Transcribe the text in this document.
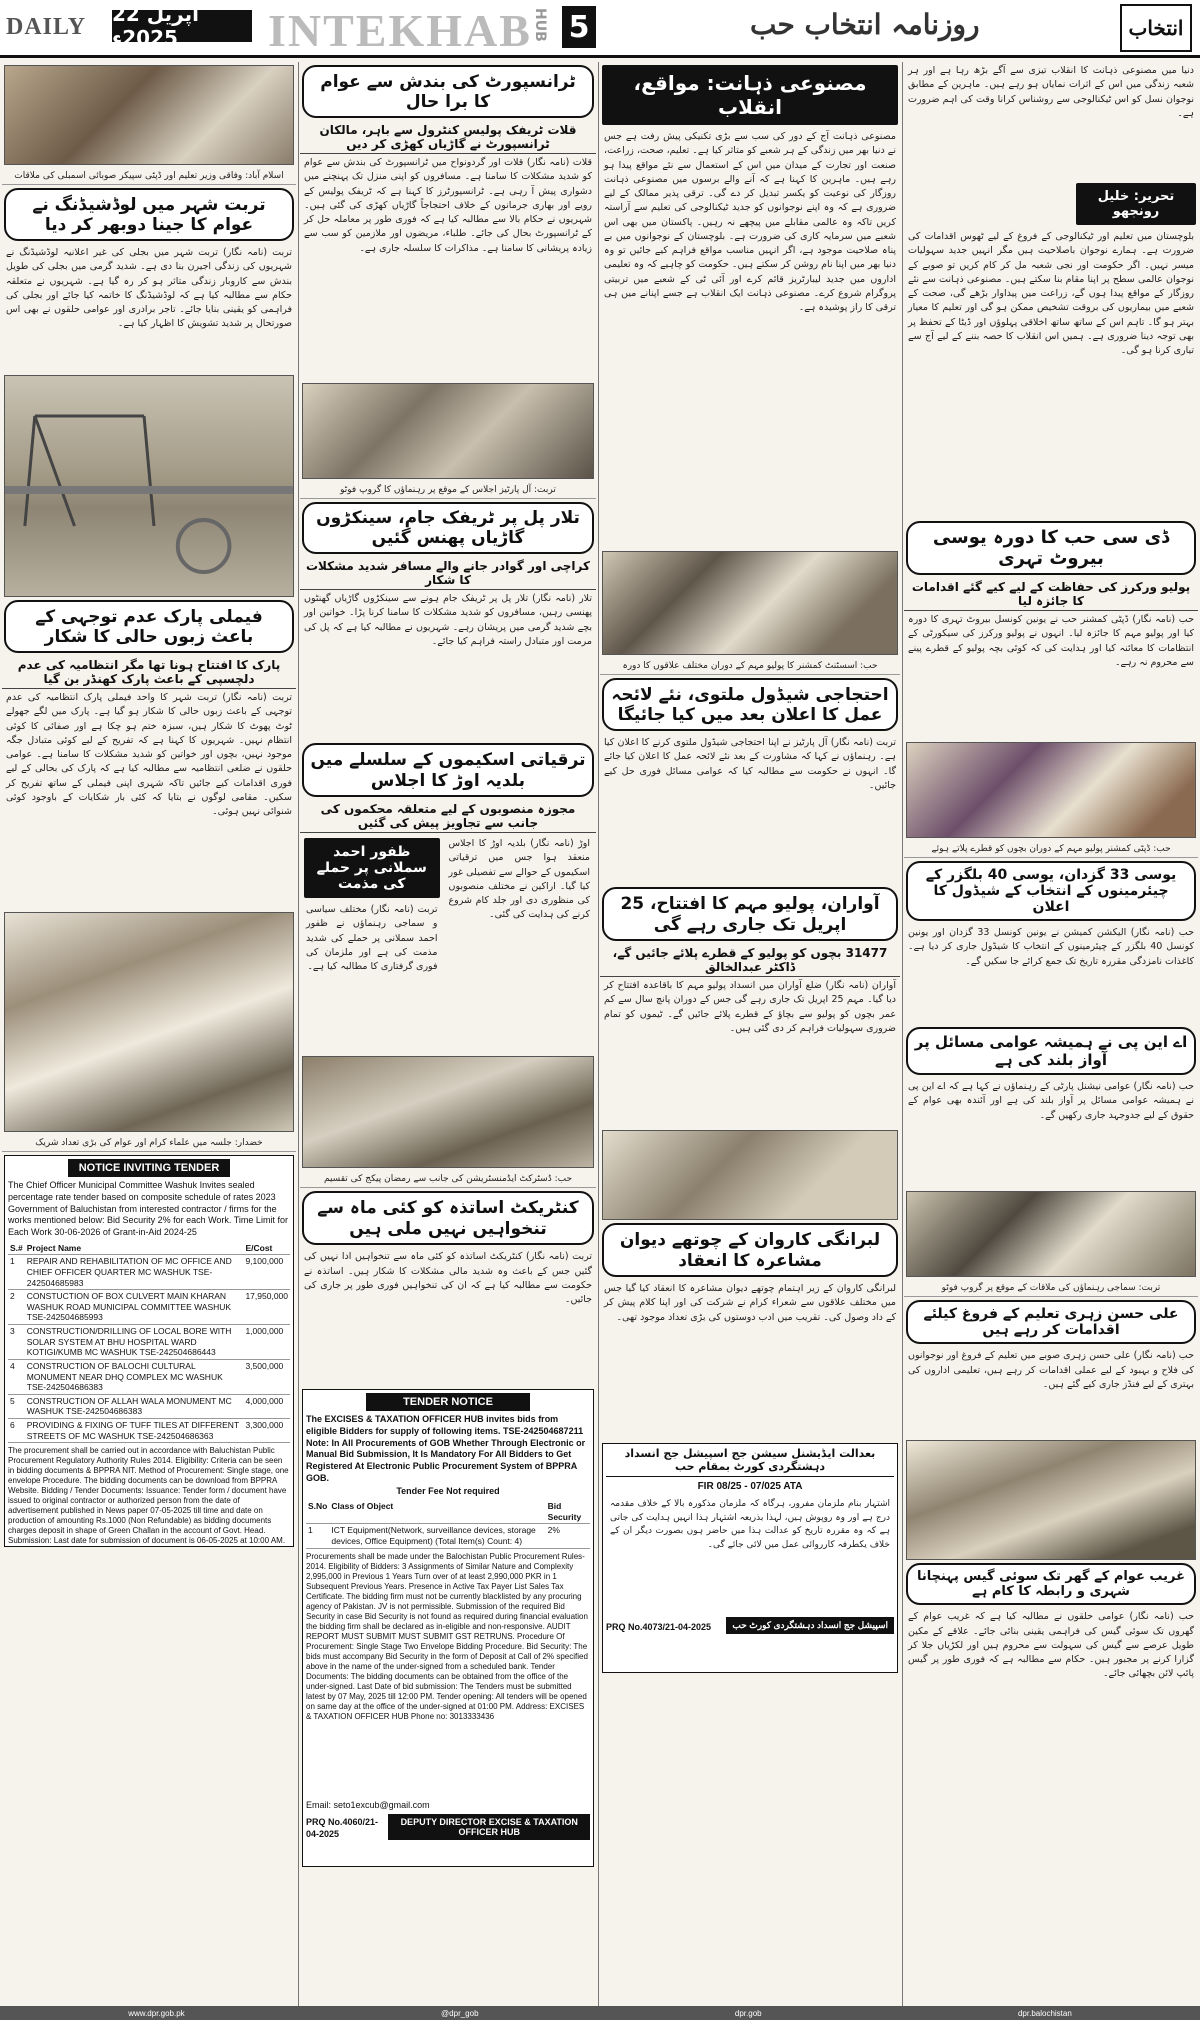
DAILY 22 اپریل 2025ء	INTEKHAB HUB 5	روزنامہ انتخاب حب	انتخاب
اسلام آباد: وفاقی وزیر تعلیم اور ڈپٹی سپیکر صوبائی اسمبلی کی ملاقات
تربت شہر میں لوڈشیڈنگ نے عوام کا جینا دوبھر کر دیا
تربت (نامہ نگار) تربت شہر میں بجلی کی غیر اعلانیہ لوڈشیڈنگ نے شہریوں کی زندگی اجیرن بنا دی ہے۔ شدید گرمی میں بجلی کی طویل بندش سے کاروبار زندگی متاثر ہو کر رہ گیا ہے۔ شہریوں نے متعلقہ حکام سے مطالبہ کیا ہے کہ لوڈشیڈنگ کا خاتمہ کیا جائے اور بجلی کی فراہمی کو یقینی بنایا جائے۔ تاجر برادری اور عوامی حلقوں نے بھی اس صورتحال پر شدید تشویش کا اظہار کیا ہے۔
فیملی پارک عدم توجہی کے باعث زبوں حالی کا شکار
پارک کا افتتاح ہونا تھا مگر انتظامیہ کی عدم دلچسپی کے باعث پارک کھنڈر بن گیا
تربت (نامہ نگار) تربت شہر کا واحد فیملی پارک انتظامیہ کی عدم توجہی کے باعث زبوں حالی کا شکار ہو گیا ہے۔ پارک میں لگے جھولے ٹوٹ پھوٹ کا شکار ہیں، سبزہ ختم ہو چکا ہے اور صفائی کا کوئی انتظام نہیں۔ شہریوں کا کہنا ہے کہ تفریح کے لیے کوئی متبادل جگہ موجود نہیں، بچوں اور خواتین کو شدید مشکلات کا سامنا ہے۔ عوامی حلقوں نے ضلعی انتظامیہ سے مطالبہ کیا ہے کہ پارک کی بحالی کے لیے فوری اقدامات کیے جائیں تاکہ شہری اپنی فیملی کے ساتھ تفریح کر سکیں۔ مقامی لوگوں نے بتایا کہ کئی بار شکایات کے باوجود کوئی شنوائی نہیں ہوئی۔
خضدار: جلسہ میں علماء کرام اور عوام کی بڑی تعداد شریک
NOTICE INVITING TENDER
The Chief Officer Municipal Committee Washuk Invites sealed percentage rate tender based on composite schedule of rates 2023 Government of Baluchistan from interested contractor / firms for the works mentioned below: Bid Security 2% for each Work. Time Limit for Each Work 30-06-2026 of Grant-in-Aid 2024-25
S.#	Project Name	E/Cost
1	REPAIR AND REHABILITATION OF MC OFFICE AND CHIEF OFFICER QUARTER MC WASHUK TSE-242504685983	9,100,000
2	CONSTUCTION OF BOX CULVERT MAIN KHARAN WASHUK ROAD MUNICIPAL COMMITTEE WASHUK TSE-242504685993	17,950,000
3	CONSTRUCTION/DRILLING OF LOCAL BORE WITH SOLAR SYSTEM AT BHU HOSPITAL WARD KOTIGI/KUMB MC WASHUK TSE-242504686443	1,000,000
4	CONSTRUCTION OF BALOCHI CULTURAL MONUMENT NEAR DHQ COMPLEX MC WASHUK TSE-242504686383	3,500,000
5	CONSTRUCTION OF ALLAH WALA MONUMENT MC WASHUK TSE-242504686383	4,000,000
6	PROVIDING & FIXING OF TUFF TILES AT DIFFERENT STREETS OF MC WASHUK TSE-242504686363	3,300,000
The procurement shall be carried out in accordance with Baluchistan Public Procurement Regulatory Authority Rules 2014. Eligibility: Criteria can be seen in bidding documents & BPPRA NIT. Method of Procurement: Single stage, one envelope Procedure. The bidding documents can be download from BPPRA Website. Bidding / Tender Documents: Issuance: Tender form / document have issued to original contractor or authorized person from the date of advertisement published in News paper 07-05-2025 till time and date on production of amounting Rs.1000 (Non Refundable) as bidding documents charges deposit in shape of Green Challan in the account of Govt. Head. Submission: Last date for submission of document is 06-05-2025 at 10:00 AM.
ٹرانسپورٹ کی بندش سے عوام کا برا حال
قلات ٹریفک پولیس کنٹرول سے باہر، مالکان ٹرانسپورٹ نے گاڑیاں کھڑی کر دیں
قلات (نامہ نگار) قلات اور گردونواح میں ٹرانسپورٹ کی بندش سے عوام کو شدید مشکلات کا سامنا ہے۔ مسافروں کو اپنی منزل تک پہنچنے میں دشواری پیش آ رہی ہے۔ ٹرانسپورٹرز کا کہنا ہے کہ ٹریفک پولیس کے رویے اور بھاری جرمانوں کے خلاف احتجاجاً گاڑیاں کھڑی کی گئی ہیں۔ شہریوں نے حکام بالا سے مطالبہ کیا ہے کہ فوری طور پر معاملہ حل کر کے ٹرانسپورٹ بحال کی جائے۔ طلباء، مریضوں اور ملازمین کو سب سے زیادہ پریشانی کا سامنا ہے۔ مذاکرات کا سلسلہ جاری ہے۔
تربت: آل پارٹیز اجلاس کے موقع پر رہنماؤں کا گروپ فوٹو
تلار پل پر ٹریفک جام، سینکڑوں گاڑیاں پھنس گئیں
کراچی اور گوادر جانے والے مسافر شدید مشکلات کا شکار
تلار (نامہ نگار) تلار پل پر ٹریفک جام ہونے سے سینکڑوں گاڑیاں گھنٹوں پھنسی رہیں، مسافروں کو شدید مشکلات کا سامنا کرنا پڑا۔ خواتین اور بچے شدید گرمی میں پریشان رہے۔ شہریوں نے مطالبہ کیا ہے کہ پل کی مرمت اور متبادل راستہ فراہم کیا جائے۔
ترقیاتی اسکیموں کے سلسلے میں بلدیہ اوڑ کا اجلاس
مجوزہ منصوبوں کے لیے متعلقہ محکموں کی جانب سے تجاویز پیش کی گئیں
ظفور احمد سملانی پر حملے کی مذمت
تربت (نامہ نگار) مختلف سیاسی و سماجی رہنماؤں نے ظفور احمد سملانی پر حملے کی شدید مذمت کی ہے اور ملزمان کی فوری گرفتاری کا مطالبہ کیا ہے۔
اوڑ (نامہ نگار) بلدیہ اوڑ کا اجلاس منعقد ہوا جس میں ترقیاتی اسکیموں کے حوالے سے تفصیلی غور کیا گیا۔ اراکین نے مختلف منصوبوں کی منظوری دی اور جلد کام شروع کرنے کی ہدایت کی گئی۔
حب: ڈسٹرکٹ ایڈمنسٹریشن کی جانب سے رمضان پیکج کی تقسیم
کنٹریکٹ اساتذہ کو کئی ماہ سے تنخواہیں نہیں ملی ہیں
تربت (نامہ نگار) کنٹریکٹ اساتذہ کو کئی ماہ سے تنخواہیں ادا نہیں کی گئیں جس کے باعث وہ شدید مالی مشکلات کا شکار ہیں۔ اساتذہ نے حکومت سے مطالبہ کیا ہے کہ ان کی تنخواہیں فوری طور پر جاری کی جائیں۔
TENDER NOTICE
The EXCISES & TAXATION OFFICER HUB invites bids from eligible Bidders for supply of following items. TSE-242504687211 Note: In All Procurements of GOB Whether Through Electronic or Manual Bid Submission, It Is Mandatory For All Bidders to Get Registered At Electronic Public Procurement System of BPPRA GOB.
Tender Fee Not required
S.No	Class of Object	Bid Security
1	ICT Equipment(Network, surveillance devices, storage devices, Office Equipment) (Total Item(s) Count: 4)	2%
Procurements shall be made under the Balochistan Public Procurement Rules-2014. Eligibility of Bidders: 3 Assignments of Similar Nature and Complexity 2,995,000 in Previous 1 Years Turn over of at least 2,990,000 PKR in 1 Subsequent Previous Years. Presence in Active Tax Payer List Sales Tax Certificate. The bidding firm must not be currently blacklisted by any procuring agency of Pakistan. JV is not permissible. Submission of the required Bid Security in case Bid Security is not found as required during financial evaluation the bidding firm shall be declared as in-eligible and non-responsive. AUDIT REPORT MUST SUBMIT MUST SUBMIT GST RETRUNS. Procedure Of Procurement: Single Stage Two Envelope Bidding Procedure. Bid Security: The bids must accompany Bid Security in the form of Deposit at Call of 2% specified above in the name of the under-signed from a scheduled bank. Tender Documents: The bidding documents can be obtained from the office of the under-signed. Last Date of bid submission: The Tenders must be submitted latest by 07 May, 2025 till 12:00 PM. Tender opening: All tenders will be opened on same day at the office of the under-signed at 01:00 PM. Address: EXCISES & TAXATION OFFICER HUB Phone no: 3013333436
Email: seto1excub@gmail.com
PRQ No.4060/21-04-2025
DEPUTY DIRECTOR EXCISE & TAXATION OFFICER HUB
مصنوعی ذہانت: مواقع، انقلاب
مصنوعی ذہانت آج کے دور کی سب سے بڑی تکنیکی پیش رفت ہے جس نے دنیا بھر میں زندگی کے ہر شعبے کو متاثر کیا ہے۔ تعلیم، صحت، زراعت، صنعت اور تجارت کے میدان میں اس کے استعمال سے نئے مواقع پیدا ہو رہے ہیں۔ ماہرین کا کہنا ہے کہ آنے والے برسوں میں مصنوعی ذہانت روزگار کی نوعیت کو یکسر تبدیل کر دے گی۔ ترقی پذیر ممالک کے لیے ضروری ہے کہ وہ اپنے نوجوانوں کو جدید ٹیکنالوجی کی تعلیم سے آراستہ کریں تاکہ وہ عالمی مقابلے میں پیچھے نہ رہیں۔ پاکستان میں بھی اس شعبے میں سرمایہ کاری کی ضرورت ہے۔ بلوچستان کے نوجوانوں میں بے پناہ صلاحیت موجود ہے، اگر انہیں مناسب مواقع فراہم کیے جائیں تو وہ دنیا بھر میں اپنا نام روشن کر سکتے ہیں۔ حکومت کو چاہیے کہ وہ تعلیمی اداروں میں جدید لیبارٹریز قائم کرے اور آئی ٹی کے شعبے میں تربیتی پروگرام شروع کرے۔ مصنوعی ذہانت ایک انقلاب ہے جسے اپنانے میں ہی ترقی کا راز پوشیدہ ہے۔
حب: اسسٹنٹ کمشنر کا پولیو مہم کے دوران مختلف علاقوں کا دورہ
احتجاجی شیڈول ملتوی، نئے لائحہ عمل کا اعلان بعد میں کیا جائیگا
تربت (نامہ نگار) آل پارٹیز نے اپنا احتجاجی شیڈول ملتوی کرنے کا اعلان کیا ہے۔ رہنماؤں نے کہا کہ مشاورت کے بعد نئے لائحہ عمل کا اعلان کیا جائے گا۔ انہوں نے حکومت سے مطالبہ کیا کہ عوامی مسائل فوری حل کیے جائیں۔
آواران، پولیو مہم کا افتتاح، 25 اپریل تک جاری رہے گی
31477 بچوں کو پولیو کے قطرے پلائے جائیں گے، ڈاکٹر عبدالخالق
آواران (نامہ نگار) ضلع آواران میں انسداد پولیو مہم کا باقاعدہ افتتاح کر دیا گیا۔ مہم 25 اپریل تک جاری رہے گی جس کے دوران پانچ سال سے کم عمر بچوں کو پولیو سے بچاؤ کے قطرے پلائے جائیں گے۔ ٹیموں کو تمام ضروری سہولیات فراہم کر دی گئی ہیں۔
لبرانگی کاروان کے چوتھے دیوان مشاعرہ کا انعقاد
لبرانگی کاروان کے زیر اہتمام چوتھے دیوان مشاعرہ کا انعقاد کیا گیا جس میں مختلف علاقوں سے شعراء کرام نے شرکت کی اور اپنا کلام پیش کر کے داد وصول کی۔ تقریب میں ادب دوستوں کی بڑی تعداد موجود تھی۔
بعدالت ایڈیشنل سیشن جج اسپیشل جج انسداد دہشتگردی کورٹ بمقام حب
FIR 08/25 - 07/025 ATA
اشتہار بنام ملزمان مفرور، ہرگاہ کہ ملزمان مذکورہ بالا کے خلاف مقدمہ درج ہے اور وہ روپوش ہیں، لہذا بذریعہ اشتہار ہذا انہیں ہدایت کی جاتی ہے کہ وہ مقررہ تاریخ کو عدالت ہذا میں حاضر ہوں بصورت دیگر ان کے خلاف یکطرفہ کارروائی عمل میں لائی جائے گی۔
اسپیشل جج انسداد دہشتگردی کورٹ حب
PRQ No.4073/21-04-2025
دنیا میں مصنوعی ذہانت کا انقلاب تیزی سے آگے بڑھ رہا ہے اور ہر شعبہ زندگی میں اس کے اثرات نمایاں ہو رہے ہیں۔ ماہرین کے مطابق نوجوان نسل کو اس ٹیکنالوجی سے روشناس کرانا وقت کی اہم ضرورت ہے۔
تحریر: خلیل رونجھو
بلوچستان میں تعلیم اور ٹیکنالوجی کے فروغ کے لیے ٹھوس اقدامات کی ضرورت ہے۔ ہمارے نوجوان باصلاحیت ہیں مگر انہیں جدید سہولیات میسر نہیں۔ اگر حکومت اور نجی شعبہ مل کر کام کریں تو صوبے کے نوجوان عالمی سطح پر اپنا مقام بنا سکتے ہیں۔ مصنوعی ذہانت سے نئے روزگار کے مواقع پیدا ہوں گے، زراعت میں پیداوار بڑھے گی، صحت کے شعبے میں بیماریوں کی بروقت تشخیص ممکن ہو گی اور تعلیم کا معیار بہتر ہو گا۔ تاہم اس کے ساتھ ساتھ اخلاقی پہلوؤں اور ڈیٹا کے تحفظ پر بھی توجہ دینا ضروری ہے۔ ہمیں اس انقلاب کا حصہ بننے کے لیے آج سے تیاری کرنا ہو گی۔
ڈی سی حب کا دورہ یوسی بیروٹ تہری
پولیو ورکرز کی حفاظت کے لیے کیے گئے اقدامات کا جائزہ لیا
حب (نامہ نگار) ڈپٹی کمشنر حب نے یونین کونسل بیروٹ تہری کا دورہ کیا اور پولیو مہم کا جائزہ لیا۔ انہوں نے پولیو ورکرز کی سیکورٹی کے انتظامات کا معائنہ کیا اور ہدایت کی کہ کوئی بچہ پولیو کے قطرے پینے سے محروم نہ رہے۔
حب: ڈپٹی کمشنر پولیو مہم کے دوران بچوں کو قطرے پلاتے ہوئے
یوسی 33 گزدان، یوسی 40 بلگزر کے چیئرمینوں کے انتخاب کے شیڈول کا اعلان
حب (نامہ نگار) الیکشن کمیشن نے یونین کونسل 33 گزدان اور یونین کونسل 40 بلگزر کے چیئرمینوں کے انتخاب کا شیڈول جاری کر دیا ہے۔ کاغذات نامزدگی مقررہ تاریخ تک جمع کرائے جا سکیں گے۔
اے این پی نے ہمیشہ عوامی مسائل پر آواز بلند کی ہے
حب (نامہ نگار) عوامی نیشنل پارٹی کے رہنماؤں نے کہا ہے کہ اے این پی نے ہمیشہ عوامی مسائل پر آواز بلند کی ہے اور آئندہ بھی عوام کے حقوق کے لیے جدوجہد جاری رکھیں گے۔
تربت: سماجی رہنماؤں کی ملاقات کے موقع پر گروپ فوٹو
علی حسن زہری تعلیم کے فروغ کیلئے اقدامات کر رہے ہیں
حب (نامہ نگار) علی حسن زہری صوبے میں تعلیم کے فروغ اور نوجوانوں کی فلاح و بہبود کے لیے عملی اقدامات کر رہے ہیں، تعلیمی اداروں کی بہتری کے لیے فنڈز جاری کیے گئے ہیں۔
غریب عوام کے گھر تک سوئی گیس پہنچانا شہری و رابطہ کا کام ہے
حب (نامہ نگار) عوامی حلقوں نے مطالبہ کیا ہے کہ غریب عوام کے گھروں تک سوئی گیس کی فراہمی یقینی بنائی جائے۔ علاقے کے مکین طویل عرصے سے گیس کی سہولت سے محروم ہیں اور لکڑیاں جلا کر گزارا کرنے پر مجبور ہیں۔ حکام سے مطالبہ ہے کہ فوری طور پر گیس پائپ لائن بچھائی جائے۔
www.dpr.gob.pk	@dpr_gob	dpr.gob	dpr.balochistan
